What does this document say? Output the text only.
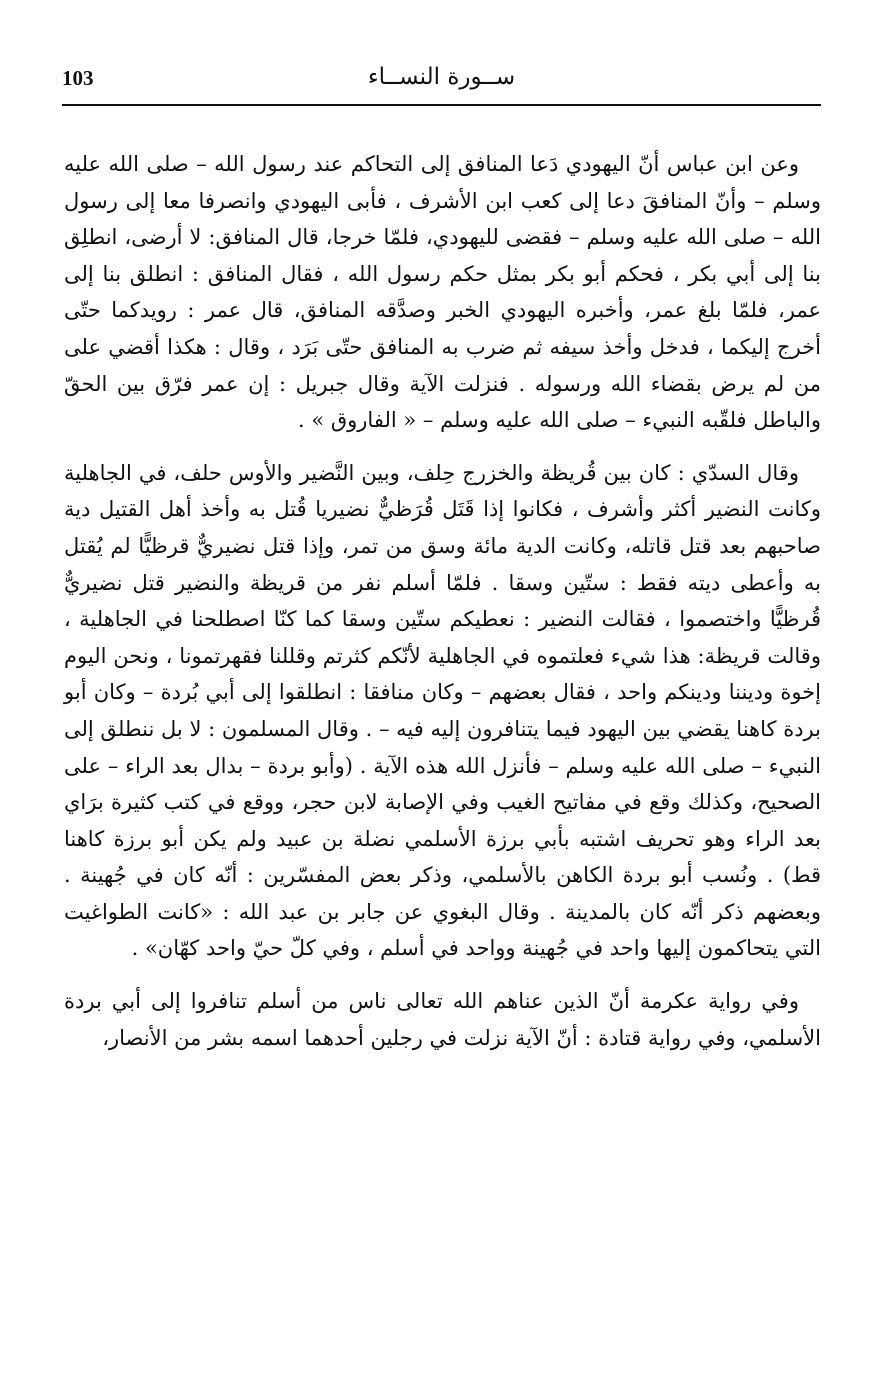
103	ســورة النســاء

وعن ابن عباس أنّ اليهودي دَعا المنافق إلى التحاكم عند رسول الله – صلى الله عليه وسلم – وأنّ المنافقَ دعا إلى كعب ابن الأشرف ، فأبى اليهودي وانصرفا معا إلى رسول الله – صلى الله عليه وسلم – فقضى لليهودي، فلمّا خرجا، قال المنافق: لا أرضى، انطلِق بنا إلى أبي بكر ، فحكم أبو بكر بمثل حكم رسول الله ، فقال المنافق : انطلق بنا إلى عمر، فلمّا بلغ عمر، وأخبره اليهودي الخبر وصدَّقه المنافق، قال عمر : رويدكما حتّى أخرج إليكما ، فدخل وأخذ سيفه ثم ضرب به المنافق حتّى بَرَد ، وقال : هكذا أقضي على من لم يرض بقضاء الله ورسوله . فنزلت الآية وقال جبريل : إن عمر فرّق بين الحقّ والباطل فلقّبه النبيء – صلى الله عليه وسلم – « الفاروق » .

وقال السدّي : كان بين قُريظة والخزرج حِلف، وبين النَّضير والأوس حلف، في الجاهلية وكانت النضير أكثر وأشرف ، فكانوا إذا قَتَل قُرَظيٌّ نضيريا قُتل به وأخذ أهل القتيل دية صاحبهم بعد قتل قاتله، وكانت الدية مائة وسق من تمر، وإذا قتل نضيريٌّ قرظيًّا لم يُقتل به وأعطى ديته فقط : ستّين وسقا . فلمّا أسلم نفر من قريظة والنضير قتل نضيريٌّ قُرظيًّا واختصموا ، فقالت النضير : نعطيكم ستّين وسقا كما كنّا اصطلحنا في الجاهلية ، وقالت قريظة: هذا شيء فعلتموه في الجاهلية لأنّكم كثرتم وقللنا فقهرتمونا ، ونحن اليوم إخوة وديننا ودينكم واحد ، فقال بعضهم – وكان منافقا : انطلقوا إلى أبي بُردة – وكان أبو بردة كاهنا يقضي بين اليهود فيما يتنافرون إليه فيه – . وقال المسلمون : لا بل ننطلق إلى النبيء – صلى الله عليه وسلم – فأنزل الله هذه الآية . (وأبو بردة – بدال بعد الراء – على الصحيح، وكذلك وقع في مفاتيح الغيب وفي الإصابة لابن حجر، ووقع في كتب كثيرة برَاي بعد الراء وهو تحريف اشتبه بأبي برزة الأسلمي نضلة بن عبيد ولم يكن أبو برزة كاهنا قط) . ونُسب أبو بردة الكاهن بالأسلمي، وذكر بعض المفسّرين : أنّه كان في جُهينة . وبعضهم ذكر أنّه كان بالمدينة . وقال البغوي عن جابر بن عبد الله : «كانت الطواغيت التي يتحاكمون إليها واحد في جُهينة وواحد في أسلم ، وفي كلّ حيّ واحد كهّان» .

وفي رواية عكرمة أنّ الذين عناهم الله تعالى ناس من أسلم تنافروا إلى أبي بردة الأسلمي، وفي رواية قتادة : أنّ الآية نزلت في رجلين أحدهما اسمه بشر من الأنصار،
